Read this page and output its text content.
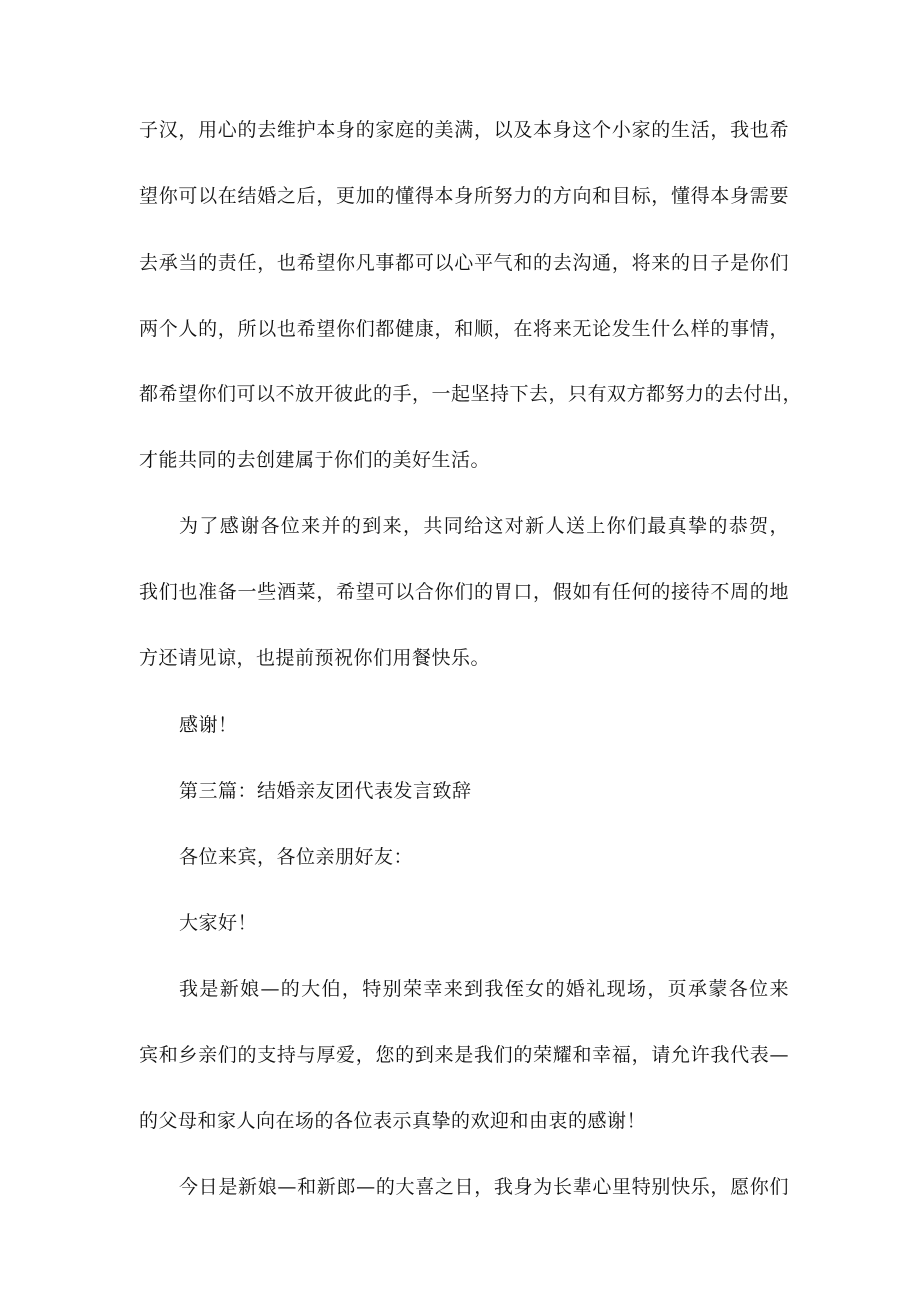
子汉，用心的去维护本身的家庭的美满，以及本身这个小家的生活，我也希
望你可以在结婚之后，更加的懂得本身所努力的方向和目标，懂得本身需要
去承当的责任，也希望你凡事都可以心平气和的去沟通，将来的日子是你们
两个人的，所以也希望你们都健康，和顺，在将来无论发生什么样的事情，
都希望你们可以不放开彼此的手，一起坚持下去，只有双方都努力的去付出，
才能共同的去创建属于你们的美好生活。
为了感谢各位来并的到来，共同给这对新人送上你们最真挚的恭贺，
我们也准备一些酒菜，希望可以合你们的胃口，假如有任何的接待不周的地
方还请见谅，也提前预祝你们用餐快乐。
感谢！
第三篇：结婚亲友团代表发言致辞
各位来宾，各位亲朋好友：
大家好！
我是新娘—的大伯，特别荣幸来到我侄女的婚礼现场，页承蒙各位来
宾和乡亲们的支持与厚爱，您的到来是我们的荣耀和幸福，请允许我代表—
的父母和家人向在场的各位表示真挚的欢迎和由衷的感谢！
今日是新娘—和新郎—的大喜之日，我身为长辈心里特别快乐，愿你们
